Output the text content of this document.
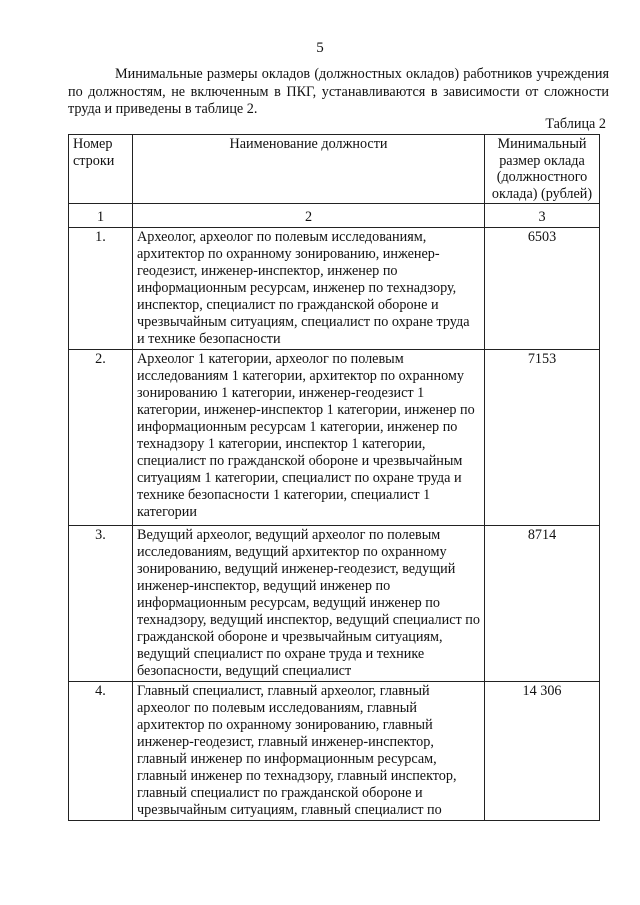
5

Минимальные размеры окладов (должностных окладов) работников учреждения по должностям, не включенным в ПКГ, устанавливаются в зависимости от сложности труда и приведены в таблице 2.

Таблица 2
Номер строки	Наименование должности	Минимальный размер оклада (должностного оклада) (рублей)
1	2	3
1.	Археолог, археолог по полевым исследованиям, архитектор по охранному зонированию, инженер-геодезист, инженер-инспектор, инженер по информационным ресурсам, инженер по технадзору, инспектор, специалист по гражданской обороне и чрезвычайным ситуациям, специалист по охране труда и технике безопасности	6503
2.	Археолог 1 категории, археолог по полевым исследованиям 1 категории, архитектор по охранному зонированию 1 категории, инженер-геодезист 1 категории, инженер-инспектор 1 категории, инженер по информационным ресурсам 1 категории, инженер по технадзору 1 категории, инспектор 1 категории, специалист по гражданской обороне и чрезвычайным ситуациям 1 категории, специалист по охране труда и технике безопасности 1 категории, специалист 1 категории	7153
3.	Ведущий археолог, ведущий археолог по полевым исследованиям, ведущий архитектор по охранному зонированию, ведущий инженер-геодезист, ведущий инженер-инспектор, ведущий инженер по информационным ресурсам, ведущий инженер по технадзору, ведущий инспектор, ведущий специалист по гражданской обороне и чрезвычайным ситуациям, ведущий специалист по охране труда и технике безопасности, ведущий специалист	8714
4.	Главный специалист, главный археолог, главный археолог по полевым исследованиям, главный архитектор по охранному зонированию, главный инженер-геодезист, главный инженер-инспектор, главный инженер по информационным ресурсам, главный инженер по технадзору, главный инспектор, главный специалист по гражданской обороне и чрезвычайным ситуациям, главный специалист по	14 306
